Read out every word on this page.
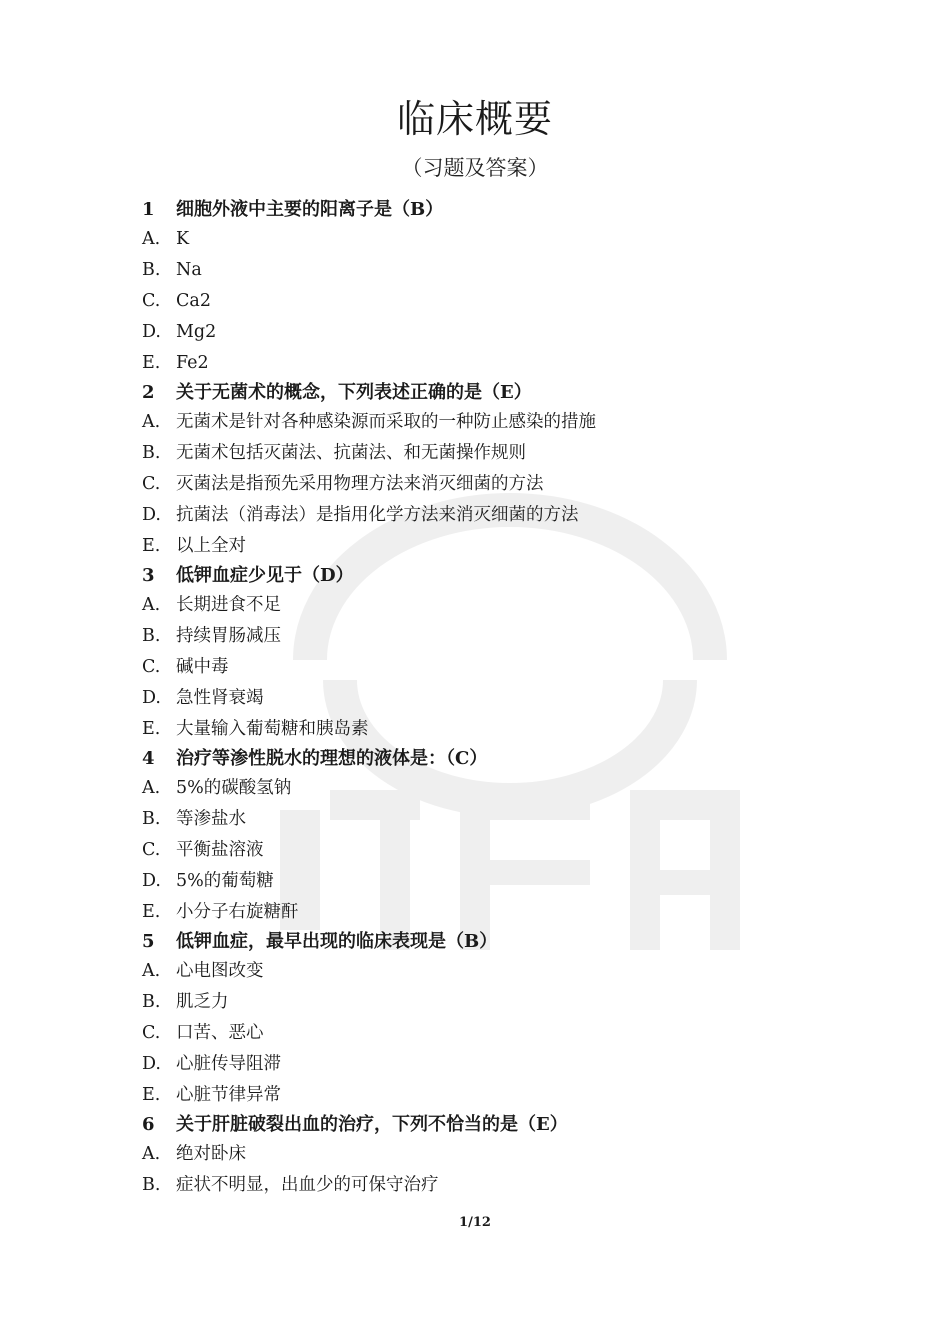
临床概要
（习题及答案）
1 细胞外液中主要的阳离子是（B）
A. K
B. Na
C. Ca2
D. Mg2
E. Fe2
2 关于无菌术的概念，下列表述正确的是（E）
A. 无菌术是针对各种感染源而采取的一种防止感染的措施
B. 无菌术包括灭菌法、抗菌法、和无菌操作规则
C. 灭菌法是指预先采用物理方法来消灭细菌的方法
D. 抗菌法（消毒法）是指用化学方法来消灭细菌的方法
E. 以上全对
3 低钾血症少见于（D）
A. 长期进食不足
B. 持续胃肠减压
C. 碱中毒
D. 急性肾衰竭
E. 大量输入葡萄糖和胰岛素
4 治疗等渗性脱水的理想的液体是：（C）
A. 5%的碳酸氢钠
B. 等渗盐水
C. 平衡盐溶液
D. 5%的葡萄糖
E. 小分子右旋糖酐
5 低钾血症，最早出现的临床表现是（B）
A. 心电图改变
B. 肌乏力
C. 口苦、恶心
D. 心脏传导阻滞
E. 心脏节律异常
6 关于肝脏破裂出血的治疗，下列不恰当的是（E）
A. 绝对卧床
B. 症状不明显，出血少的可保守治疗
1/12
